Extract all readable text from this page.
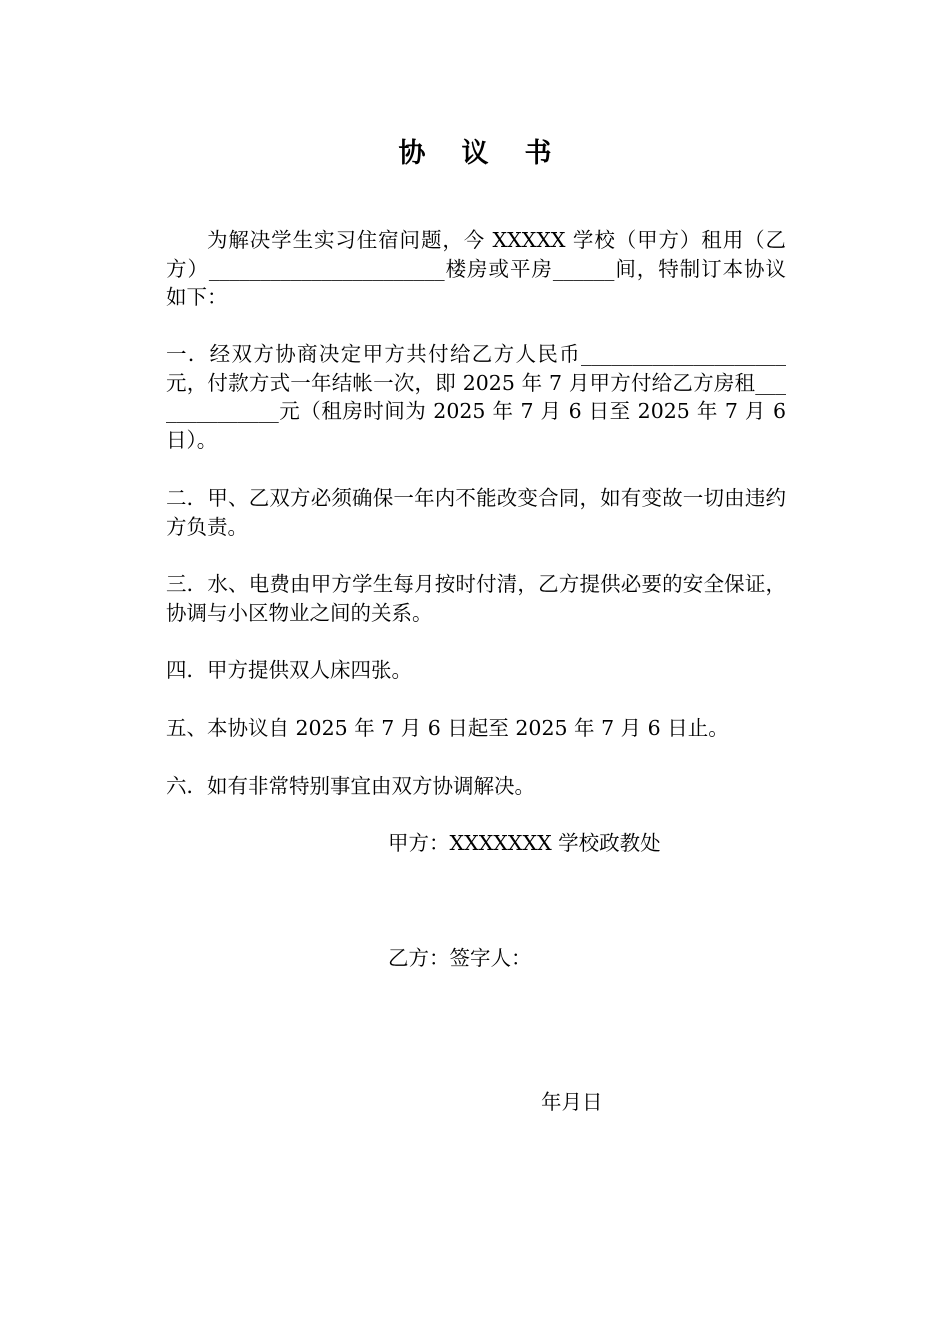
协议书
为解决学生实习住宿问题，今 XXXXX 学校（甲方）租用（乙方）_______________________楼房或平房______间，特制订本协议如下：
一．经双方协商决定甲方共付给乙方人民币____________________ 元，付款方式一年结帐一次，即 2025 年 7 月甲方付给乙方房租______________元（租房时间为 2025 年 7 月 6 日至 2025 年 7 月 6 日）。
二．甲、乙双方必须确保一年内不能改变合同，如有变故一切由违约方负责。
三．水、电费由甲方学生每月按时付清，乙方提供必要的安全保证，协调与小区物业之间的关系。
四．甲方提供双人床四张。
五、本协议自 2025 年 7 月 6 日起至 2025 年 7 月 6 日止。
六．如有非常特别事宜由双方协调解决。
甲方：XXXXXXX 学校政教处
乙方：签字人：
年月日
